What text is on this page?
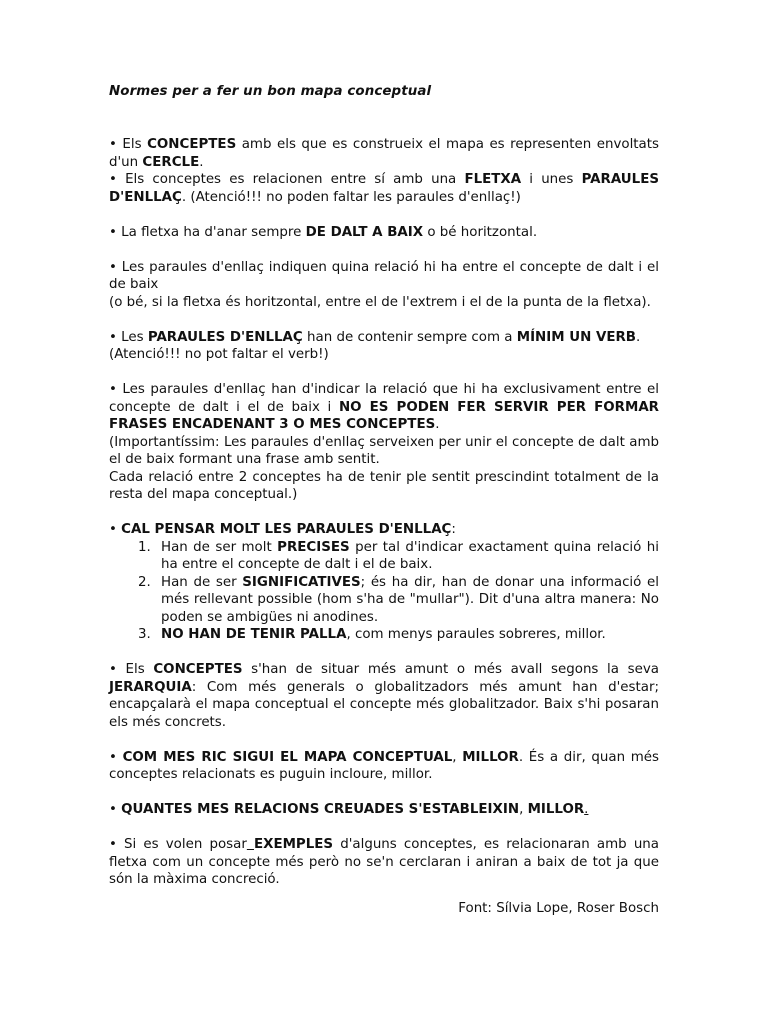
Normes per a fer un bon mapa conceptual

• Els CONCEPTES amb els que es construeix el mapa es representen envoltats d'un CERCLE.

• Els conceptes es relacionen entre sí amb una FLETXA i unes PARAULES D'ENLLAÇ. (Atenció!!! no poden faltar les paraules d'enllaç!)

• La fletxa ha d'anar sempre DE DALT A BAIX o bé horitzontal.

• Les paraules d'enllaç indiquen quina relació hi ha entre el concepte de dalt i el de baix

(o bé, si la fletxa és horitzontal, entre el de l'extrem i el de la punta de la fletxa).

• Les PARAULES D'ENLLAÇ han de contenir sempre com a MÍNIM UN VERB.

(Atenció!!! no pot faltar el verb!)

• Les paraules d'enllaç han d'indicar la relació que hi ha exclusivament entre el concepte de dalt i el de baix i NO ES PODEN FER SERVIR PER FORMAR FRASES ENCADENANT 3 O MES CONCEPTES.

(Importantíssim: Les paraules d'enllaç serveixen per unir el concepte de dalt amb el de baix formant una frase amb sentit.

Cada relació entre 2 conceptes ha de tenir ple sentit prescindint totalment de la resta del mapa conceptual.)

• CAL PENSAR MOLT LES PARAULES D'ENLLAÇ:

1. Han de ser molt PRECISES per tal d'indicar exactament quina relació hi ha entre el concepte de dalt i el de baix.
2. Han de ser SIGNIFICATIVES; és ha dir, han de donar una informació el més rellevant possible (hom s'ha de "mullar"). Dit d'una altra manera: No poden se ambigües ni anodines.
3. NO HAN DE TENIR PALLA, com menys paraules sobreres, millor.

• Els CONCEPTES s'han de situar més amunt o més avall segons la seva JERARQUIA: Com més generals o globalitzadors més amunt han d'estar; encapçalarà el mapa conceptual el concepte més globalitzador. Baix s'hi posaran els més concrets.

• COM MES RIC SIGUI EL MAPA CONCEPTUAL, MILLOR. És a dir, quan més conceptes relacionats es puguin incloure, millor.

• QUANTES MES RELACIONS CREUADES S'ESTABLEIXIN, MILLOR.

• Si es volen posar EXEMPLES d'alguns conceptes, es relacionaran amb una fletxa com un concepte més però no se'n cerclaran i aniran a baix de tot ja que són la màxima concreció.

Font: Sílvia Lope, Roser Bosch
